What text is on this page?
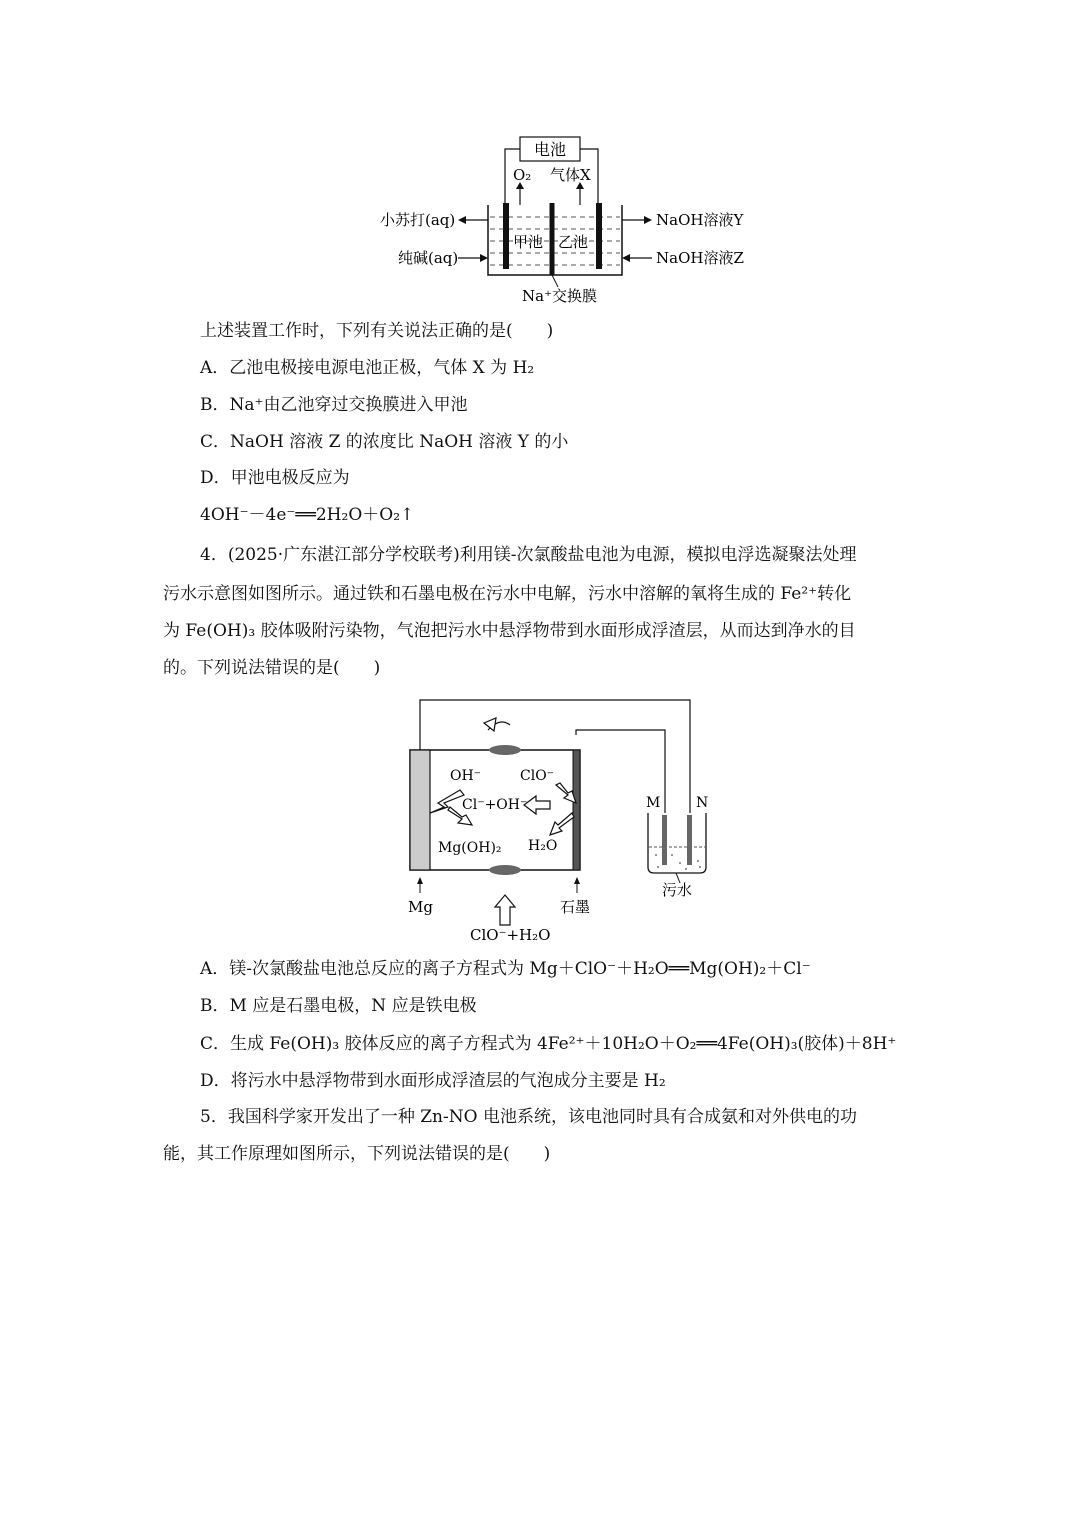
电池
O₂ 气体X
小苏打(aq)
纯碱(aq)
NaOH溶液Y
NaOH溶液Z
甲池 乙池
Na⁺交换膜
上述装置工作时，下列有关说法正确的是(　　)
A．乙池电极接电源电池正极，气体 X 为 H₂
B．Na⁺由乙池穿过交换膜进入甲池
C．NaOH 溶液 Z 的浓度比 NaOH 溶液 Y 的小
D．甲池电极反应为
4OH⁻－4e⁻══2H₂O＋O₂↑
4．(2025·广东湛江部分学校联考)利用镁-次氯酸盐电池为电源，模拟电浮选凝聚法处理
污水示意图如图所示。通过铁和石墨电极在污水中电解，污水中溶解的氧将生成的 Fe²⁺转化
为 Fe(OH)₃ 胶体吸附污染物，气泡把污水中悬浮物带到水面形成浮渣层，从而达到净水的目
的。下列说法错误的是(　　)
OH⁻	ClO⁻
Cl⁻+OH⁻
Mg(OH)₂ H₂O
Mg	石墨
ClO⁻+H₂O
M	N
污水
A．镁-次氯酸盐电池总反应的离子方程式为 Mg＋ClO⁻＋H₂O══Mg(OH)₂＋Cl⁻
B．M 应是石墨电极，N 应是铁电极
C．生成 Fe(OH)₃ 胶体反应的离子方程式为 4Fe²⁺＋10H₂O＋O₂══4Fe(OH)₃(胶体)＋8H⁺
D．将污水中悬浮物带到水面形成浮渣层的气泡成分主要是 H₂
5．我国科学家开发出了一种 Zn-NO 电池系统，该电池同时具有合成氨和对外供电的功
能，其工作原理如图所示，下列说法错误的是(　　)
